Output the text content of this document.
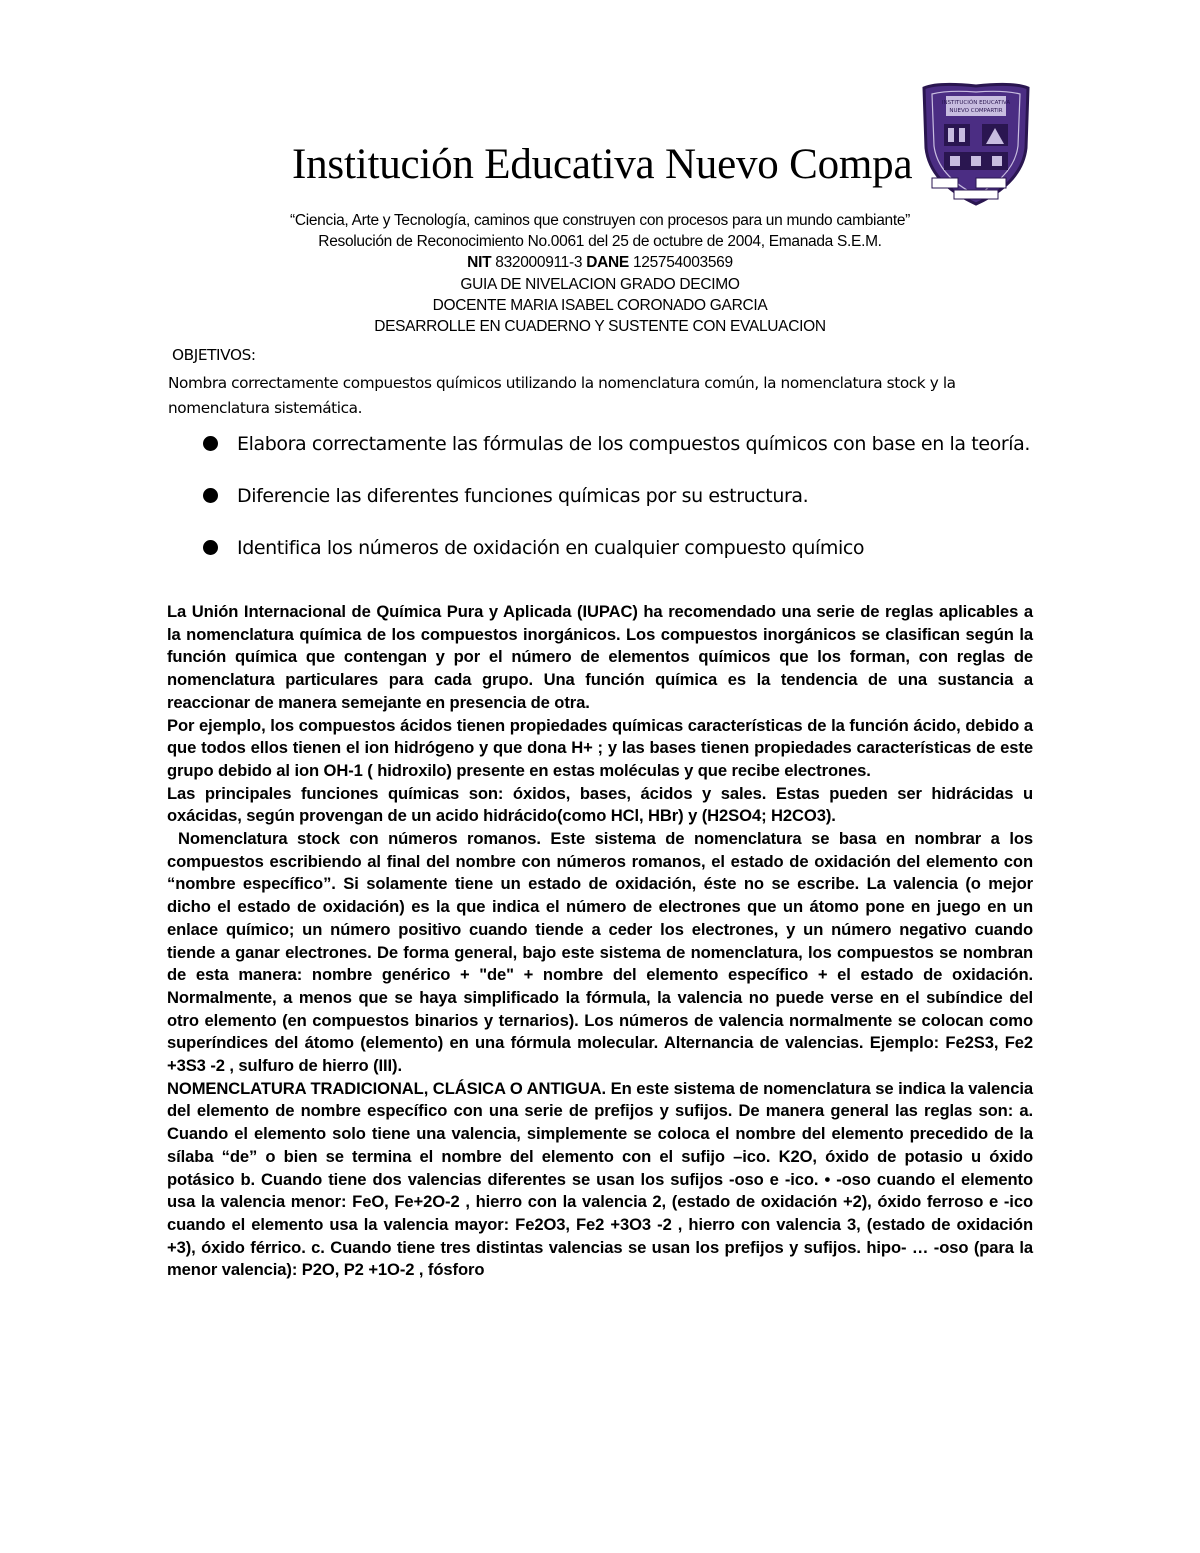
Institución Educativa Nuevo Compa
INSTITUCIÓN EDUCATIVA
NUEVO COMPARTIR
“Ciencia, Arte y Tecnología, caminos que construyen con procesos para un mundo cambiante”
Resolución de Reconocimiento No.0061 del 25 de octubre de 2004, Emanada S.E.M.
NIT 832000911-3 DANE 125754003569
GUIA DE NIVELACION GRADO DECIMO
DOCENTE MARIA ISABEL CORONADO GARCIA
DESARROLLE EN CUADERNO Y SUSTENTE CON EVALUACION
OBJETIVOS:
Nombra correctamente compuestos químicos utilizando la nomenclatura común, la nomenclatura stock y la nomenclatura sistemática.
Elabora correctamente las fórmulas de los compuestos químicos con base en la teoría.
Diferencie las diferentes funciones químicas por su estructura.
Identifica los números de oxidación en cualquier compuesto químico

La Unión Internacional de Química Pura y Aplicada (IUPAC) ha recomendado una serie de reglas aplicables a la nomenclatura química de los compuestos inorgánicos. Los compuestos inorgánicos se clasifican según la función química que contengan y por el número de elementos químicos que los forman, con reglas de nomenclatura particulares para cada grupo. Una función química es la tendencia de una sustancia a reaccionar de manera semejante en presencia de otra.

Por ejemplo, los compuestos ácidos tienen propiedades químicas características de la función ácido, debido a que todos ellos tienen el ion hidrógeno y que dona H+ ; y las bases tienen propiedades características de este grupo debido al ion OH-1 ( hidroxilo) presente en estas moléculas y que recibe electrones.

Las principales funciones químicas son: óxidos, bases, ácidos y sales. Estas pueden ser hidrácidas u oxácidas, según provengan de un acido hidrácido(como HCl, HBr) y (H2SO4; H2CO3).

Nomenclatura stock con números romanos. Este sistema de nomenclatura se basa en nombrar a los compuestos escribiendo al final del nombre con números romanos, el estado de oxidación del elemento con “nombre específico”. Si solamente tiene un estado de oxidación, éste no se escribe. La valencia (o mejor dicho el estado de oxidación) es la que indica el número de electrones que un átomo pone en juego en un enlace químico; un número positivo cuando tiende a ceder los electrones, y un número negativo cuando tiende a ganar electrones. De forma general, bajo este sistema de nomenclatura, los compuestos se nombran de esta manera: nombre genérico + "de" + nombre del elemento específico + el estado de oxidación. Normalmente, a menos que se haya simplificado la fórmula, la valencia no puede verse en el subíndice del otro elemento (en compuestos binarios y ternarios). Los números de valencia normalmente se colocan como superíndices del átomo (elemento) en una fórmula molecular. Alternancia de valencias. Ejemplo: Fe2S3, Fe2 +3S3 -2 , sulfuro de hierro (III).

NOMENCLATURA TRADICIONAL, CLÁSICA O ANTIGUA. En este sistema de nomenclatura se indica la valencia del elemento de nombre específico con una serie de prefijos y sufijos. De manera general las reglas son: a. Cuando el elemento solo tiene una valencia, simplemente se coloca el nombre del elemento precedido de la sílaba “de” o bien se termina el nombre del elemento con el sufijo –ico. K2O, óxido de potasio u óxido potásico b. Cuando tiene dos valencias diferentes se usan los sufijos -oso e -ico. • -oso cuando el elemento usa la valencia menor: FeO, Fe+2O-2 , hierro con la valencia 2, (estado de oxidación +2), óxido ferroso e -ico cuando el elemento usa la valencia mayor: Fe2O3, Fe2 +3O3 -2 , hierro con valencia 3, (estado de oxidación +3), óxido férrico. c. Cuando tiene tres distintas valencias se usan los prefijos y sufijos. hipo- … -oso (para la menor valencia): P2O, P2 +1O-2 , fósforo
